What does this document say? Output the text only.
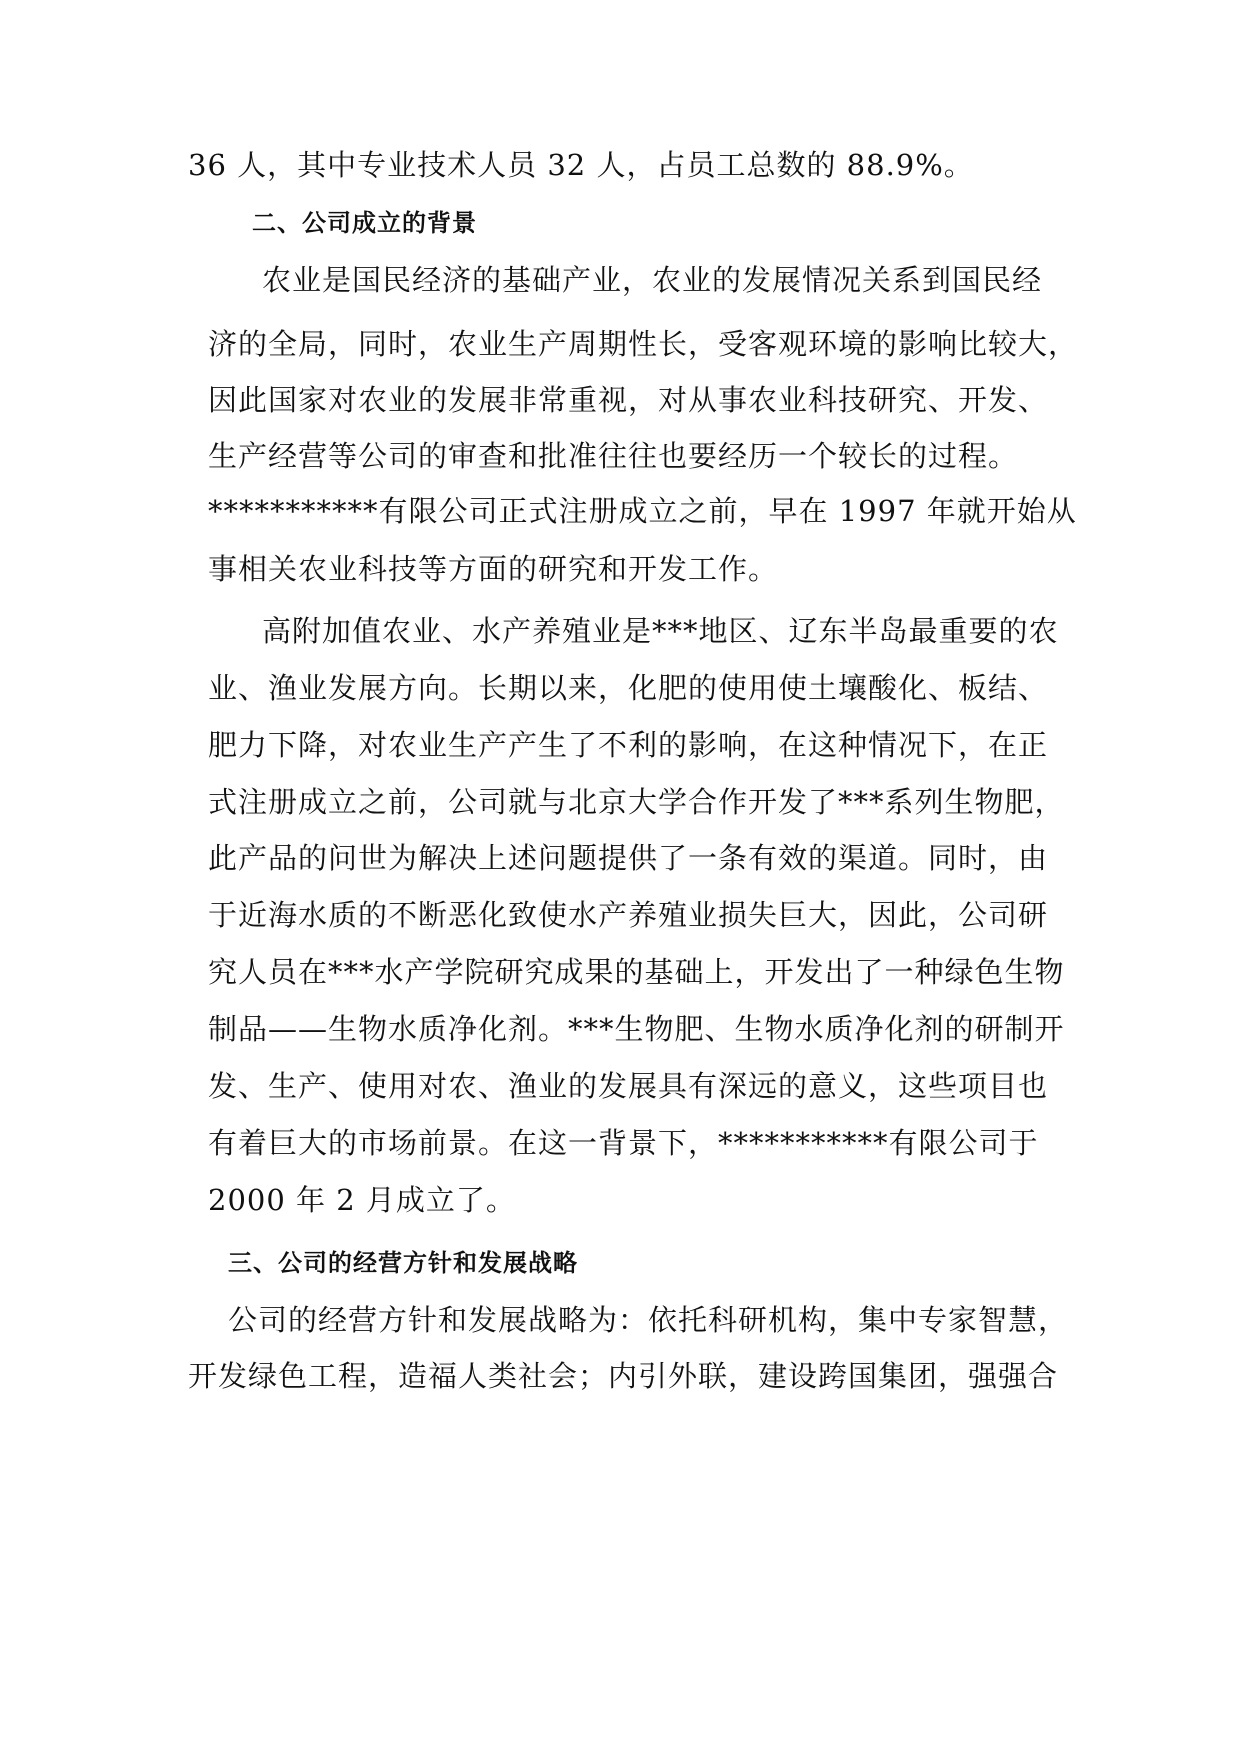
36 人，其中专业技术人员 32 人，占员工总数的 88.9%。
二、公司成立的背景
农业是国民经济的基础产业，农业的发展情况关系到国民经
济的全局，同时，农业生产周期性长，受客观环境的影响比较大，
因此国家对农业的发展非常重视，对从事农业科技研究、开发、
生产经营等公司的审查和批准往往也要经历一个较长的过程。
***********有限公司正式注册成立之前，早在 1997 年就开始从
事相关农业科技等方面的研究和开发工作。
高附加值农业、水产养殖业是***地区、辽东半岛最重要的农
业、渔业发展方向。长期以来，化肥的使用使土壤酸化、板结、
肥力下降，对农业生产产生了不利的影响，在这种情况下，在正
式注册成立之前，公司就与北京大学合作开发了***系列生物肥，
此产品的问世为解决上述问题提供了一条有效的渠道。同时，由
于近海水质的不断恶化致使水产养殖业损失巨大，因此，公司研
究人员在***水产学院研究成果的基础上，开发出了一种绿色生物
制品——生物水质净化剂。***生物肥、生物水质净化剂的研制开
发、生产、使用对农、渔业的发展具有深远的意义，这些项目也
有着巨大的市场前景。在这一背景下，***********有限公司于
2000 年 2 月成立了。
三、公司的经营方针和发展战略
公司的经营方针和发展战略为：依托科研机构，集中专家智慧，
开发绿色工程，造福人类社会；内引外联，建设跨国集团，强强合
